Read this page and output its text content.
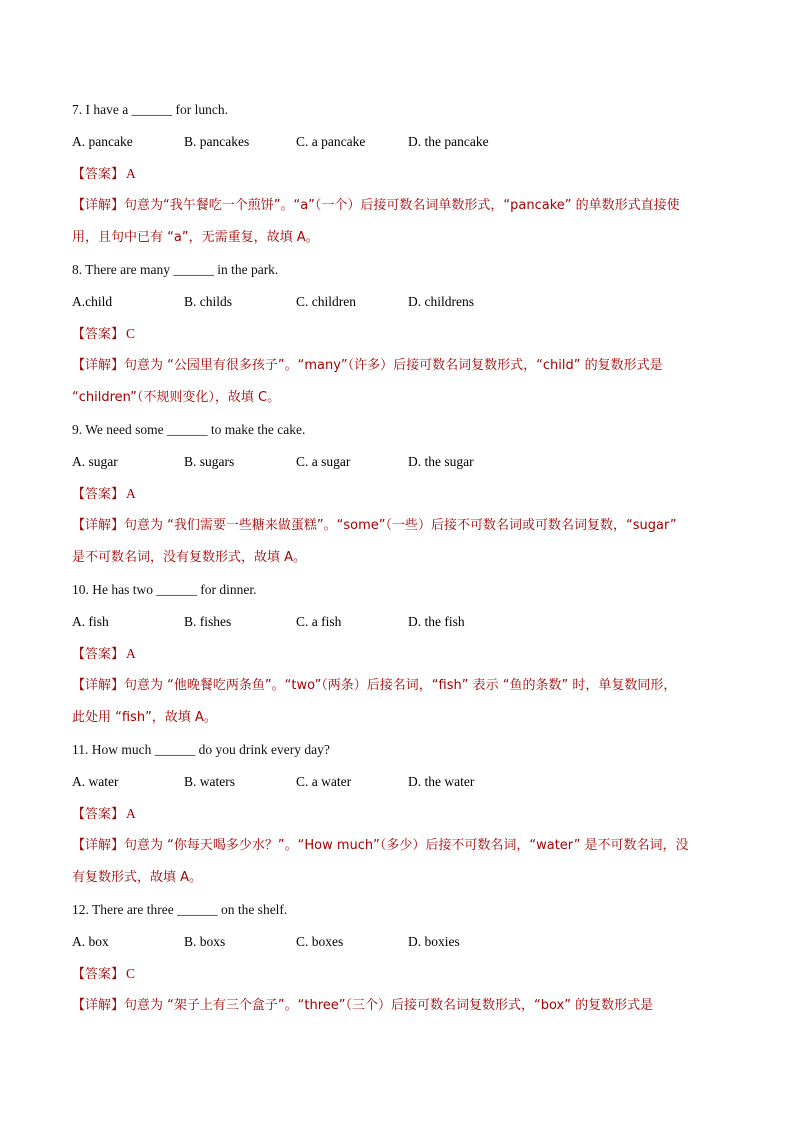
7. I have a ______ for lunch.
A. pancake	B. pancakes	C. a pancake	D. the pancake
【答案】 A
【详解】句意为“我午餐吃一个煎饼”。“a”（一个）后接可数名词单数形式，“pancake” 的单数形式直接使
用，且句中已有 “a”，无需重复，故填 A。
8. There are many ______ in the park.
A.child	B. childs	C. children	D. childrens
【答案】 C
【详解】句意为 “公园里有很多孩子”。“many”（许多）后接可数名词复数形式，“child” 的复数形式是
“children”（不规则变化），故填 C。
9. We need some ______ to make the cake.
A. sugar	B. sugars	C. a sugar	D. the sugar
【答案】 A
【详解】句意为 “我们需要一些糖来做蛋糕”。“some”（一些）后接不可数名词或可数名词复数，“sugar”
是不可数名词，没有复数形式，故填 A。
10. He has two ______ for dinner.
A. fish	B. fishes	C. a fish	D. the fish
【答案】 A
【详解】句意为 “他晚餐吃两条鱼”。“two”（两条）后接名词，“fish” 表示 “鱼的条数” 时，单复数同形，
此处用 “fish”，故填 A。
11. How much ______ do you drink every day?
A. water	B. waters	C. a water	D. the water
【答案】 A
【详解】句意为 “你每天喝多少水？”。“How much”（多少）后接不可数名词，“water” 是不可数名词，没
有复数形式，故填 A。
12. There are three ______ on the shelf.
A. box	B. boxs	C. boxes	D. boxies
【答案】 C
【详解】句意为 “架子上有三个盒子”。“three”（三个）后接可数名词复数形式，“box” 的复数形式是
